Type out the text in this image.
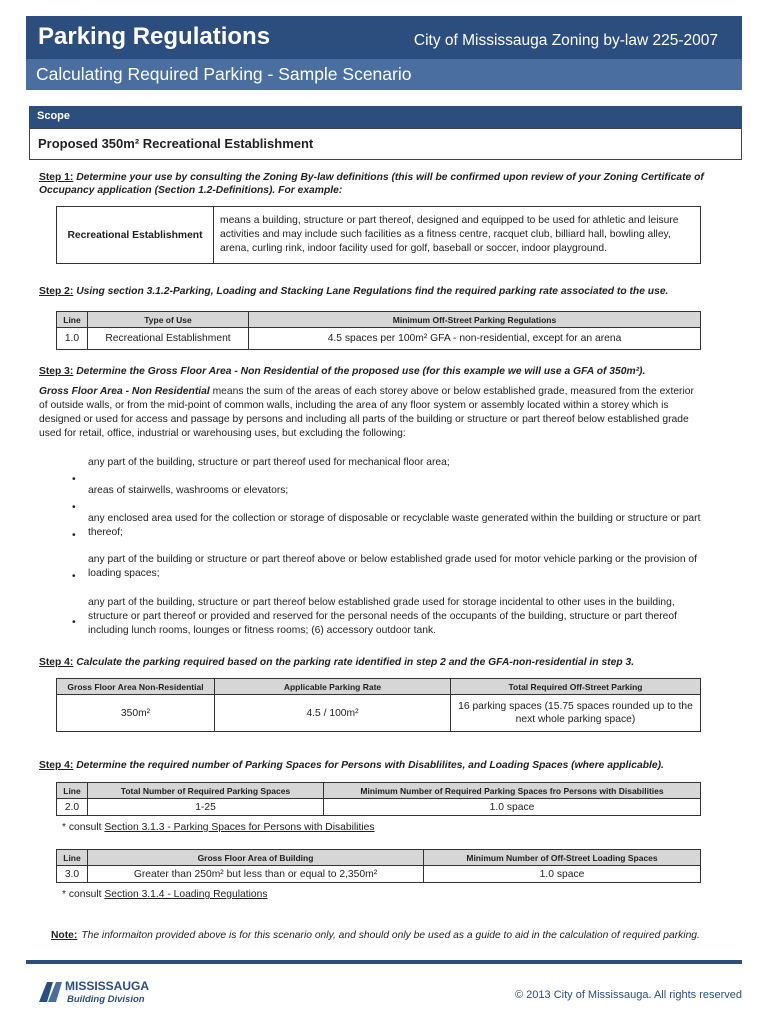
Parking Regulations	City of Mississauga Zoning by-law 225-2007
Calculating Required Parking - Sample Scenario
Scope
Proposed 350m² Recreational Establishment
Step 1: Determine your use by consulting the Zoning By-law definitions (this will be confirmed upon review of your Zoning Certificate of Occupancy application (Section 1.2-Definitions). For example:
Recreational Establishment	means a building, structure or part thereof, designed and equipped to be used for athletic and leisure activities and may include such facilities as a fitness centre, racquet club, billiard hall, bowling alley, arena, curling rink, indoor facility used for golf, baseball or soccer, indoor playground.
Step 2: Using section 3.1.2-Parking, Loading and Stacking Lane Regulations find the required parking rate associated to the use.
Line	Type of Use	Minimum Off-Street Parking Regulations
1.0	Recreational Establishment	4.5 spaces per 100m² GFA - non-residential, except for an arena
Step 3: Determine the Gross Floor Area - Non Residential of the proposed use (for this example we will use a GFA of 350m²).
Gross Floor Area - Non Residential means the sum of the areas of each storey above or below established grade, measured from the exterior of outside walls, or from the mid-point of common walls, including the area of any floor system or assembly located within a storey which is designed or used for access and passage by persons and including all parts of the building or structure or part thereof below established grade used for retail, office, industrial or warehousing uses, but excluding the following:
any part of the building, structure or part thereof used for mechanical floor area;
•
areas of stairwells, washrooms or elevators;
•
any enclosed area used for the collection or storage of disposable or recyclable waste generated within the building or structure or part thereof;
•
any part of the building or structure or part thereof above or below established grade used for motor vehicle parking or the provision of loading spaces;
•
any part of the building, structure or part thereof below established grade used for storage incidental to other uses in the building, structure or part thereof or provided and reserved for the personal needs of the occupants of the building, structure or part thereof including lunch rooms, lounges or fitness rooms; (6) accessory outdoor tank.
•
Step 4: Calculate the parking required based on the parking rate identified in step 2 and the GFA-non-residential in step 3.
Gross Floor Area Non-Residential	Applicable Parking Rate	Total Required Off-Street Parking
350m²	4.5 / 100m²	16 parking spaces (15.75 spaces rounded up to the next whole parking space)
Step 4: Determine the required number of Parking Spaces for Persons with Disablilites, and Loading Spaces (where applicable).
Line	Total Number of Required Parking Spaces	Minimum Number of Required Parking Spaces fro Persons with Disabilities
2.0	1-25	1.0 space
* consult Section 3.1.3 - Parking Spaces for Persons with Disabilities
Line	Gross Floor Area of Building	Minimum Number of Off-Street Loading Spaces
3.0	Greater than 250m² but less than or equal to 2,350m²	1.0 space
* consult Section 3.1.4 - Loading Regulations
Note: The informaiton provided above is for this scenario only, and should only be used as a guide to aid in the calculation of required parking.
MISSISSAUGA
Building Division	© 2013 City of Mississauga. All rights reserved
